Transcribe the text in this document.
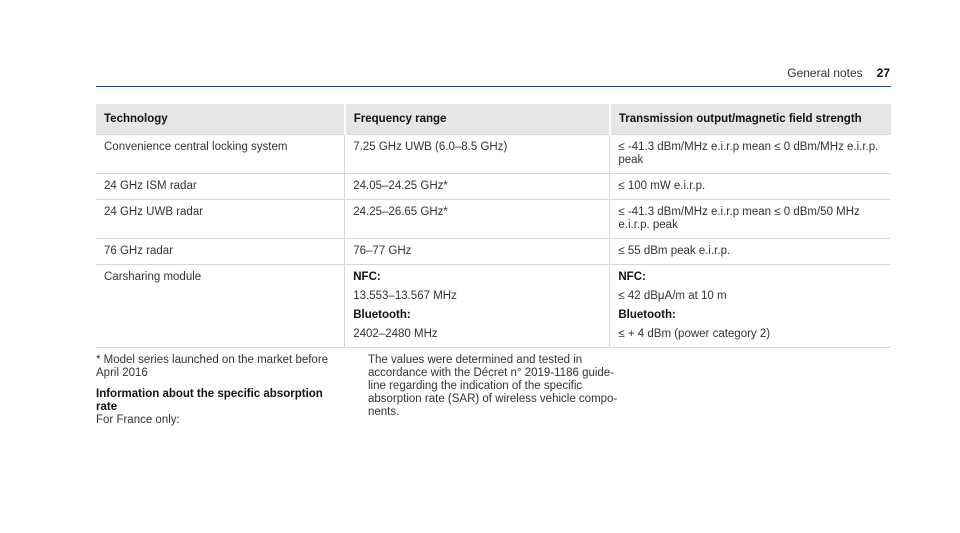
General notes 27
Technology	Frequency range	Transmission output/magnetic field strength
Convenience central locking system	7.25 GHz UWB (6.0–8.5 GHz)	≤ -41.3 dBm/MHz e.i.r.p mean ≤ 0 dBm/MHz e.i.r.p. peak
24 GHz ISM radar	24.05–24.25 GHz*	≤ 100 mW e.i.r.p.
24 GHz UWB radar	24.25–26.65 GHz*	≤ -41.3 dBm/MHz e.i.r.p mean ≤ 0 dBm/50 MHz e.i.r.p. peak
76 GHz radar	76–77 GHz	≤ 55 dBm peak e.i.r.p.
Carsharing module	NFC:
13.553–13.567 MHz
Bluetooth:
2402–2480 MHz	NFC:
≤ 42 dBμA/m at 10 m
Bluetooth:
≤ + 4 dBm (power category 2)
* Model series launched on the market before April 2016
Information about the specific absorption rate
For France only:
The values were determined and tested in accordance with the Décret n° 2019-1186 guide-line regarding the indication of the specific absorption rate (SAR) of wireless vehicle compo-nents.
